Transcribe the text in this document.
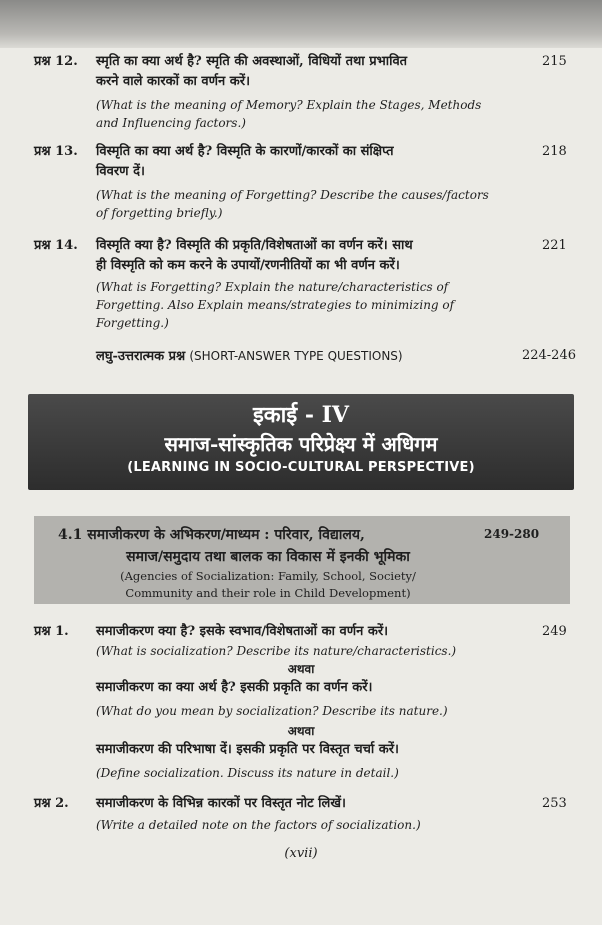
प्रश्न 12. स्मृति का क्या अर्थ है? स्मृति की अवस्थाओं, विधियों तथा प्रभावित
करने वाले कारकों का वर्णन करें।
(What is the meaning of Memory? Explain the Stages, Methods
and Influencing factors.)
215
प्रश्न 13. विस्मृति का क्या अर्थ है? विस्मृति के कारणों/कारकों का संक्षिप्त
विवरण दें।
(What is the meaning of Forgetting? Describe the causes/factors
of forgetting briefly.)
218
प्रश्न 14. विस्मृति क्या है? विस्मृति की प्रकृति/विशेषताओं का वर्णन करें। साथ
ही विस्मृति को कम करने के उपायों/रणनीतियों का भी वर्णन करें।
(What is Forgetting? Explain the nature/characteristics of
Forgetting. Also Explain means/strategies to minimizing of
Forgetting.)
221
लघु-उत्तरात्मक प्रश्न (SHORT-ANSWER TYPE QUESTIONS)	224-246
इकाई - IV
समाज-सांस्कृतिक परिप्रेक्ष्य में अधिगम
(LEARNING IN SOCIO-CULTURAL PERSPECTIVE)
4.1 समाजीकरण के अभिकरण/माध्यम : परिवार, विद्यालय,
समाज/समुदाय तथा बालक का विकास में इनकी भूमिका
(Agencies of Socialization: Family, School, Society/
Community and their role in Child Development)
249-280
प्रश्न 1. समाजीकरण क्या है? इसके स्वभाव/विशेषताओं का वर्णन करें।
(What is socialization? Describe its nature/characteristics.)
अथवा
समाजीकरण का क्या अर्थ है? इसकी प्रकृति का वर्णन करें।
(What do you mean by socialization? Describe its nature.)
अथवा
समाजीकरण की परिभाषा दें। इसकी प्रकृति पर विस्तृत चर्चा करें।
(Define socialization. Discuss its nature in detail.)
249
प्रश्न 2. समाजीकरण के विभिन्न कारकों पर विस्तृत नोट लिखें।
(Write a detailed note on the factors of socialization.)
253
(xvii)
